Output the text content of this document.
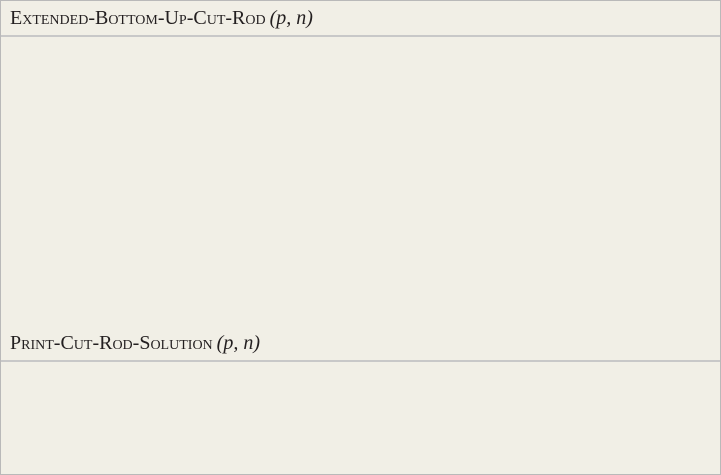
Extended-Bottom-Up-Cut-Rod (p, n)
Print-Cut-Rod-Solution (p, n)
